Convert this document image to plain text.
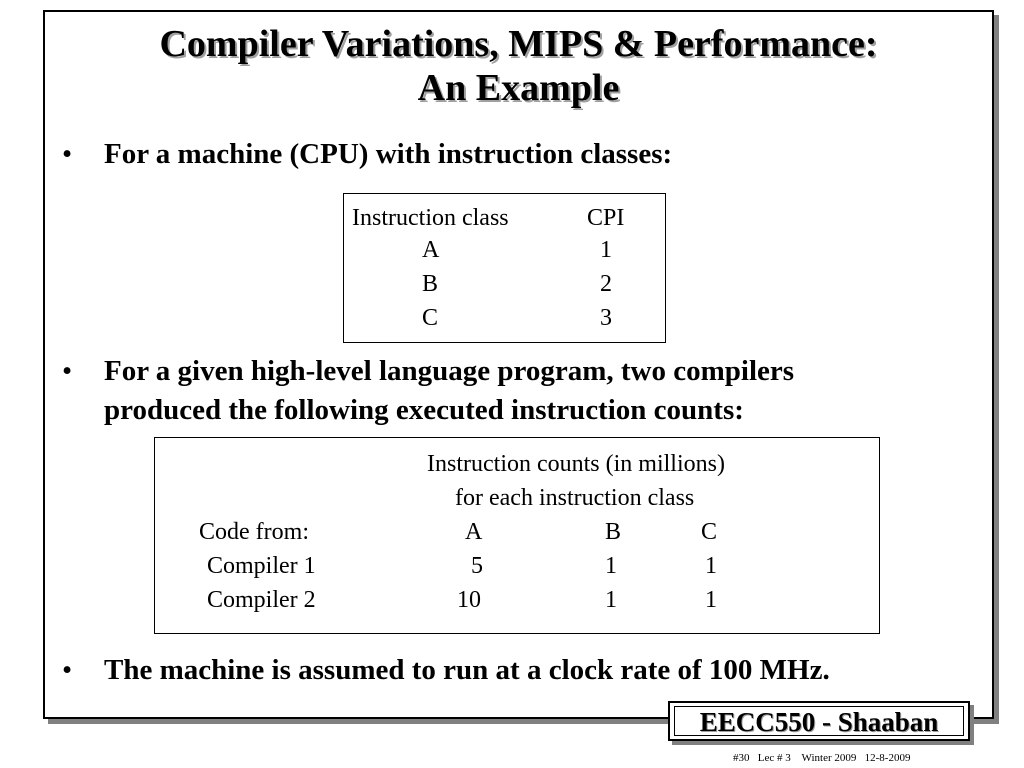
Compiler Variations, MIPS & Performance:
An Example
• For a machine (CPU) with instruction classes:
Instruction class	CPI
A	1
B	2
C	3
• For a given high-level language program, two compilers
produced the following executed instruction counts:
Instruction counts (in millions)
for each instruction class
Code from:	A	B	C
Compiler 1	5	1	1
Compiler 2	10	1	1
• The machine is assumed to run at a clock rate of 100 MHz.
EECC550 - Shaaban
#30   Lec # 3    Winter 2009   12-8-2009
